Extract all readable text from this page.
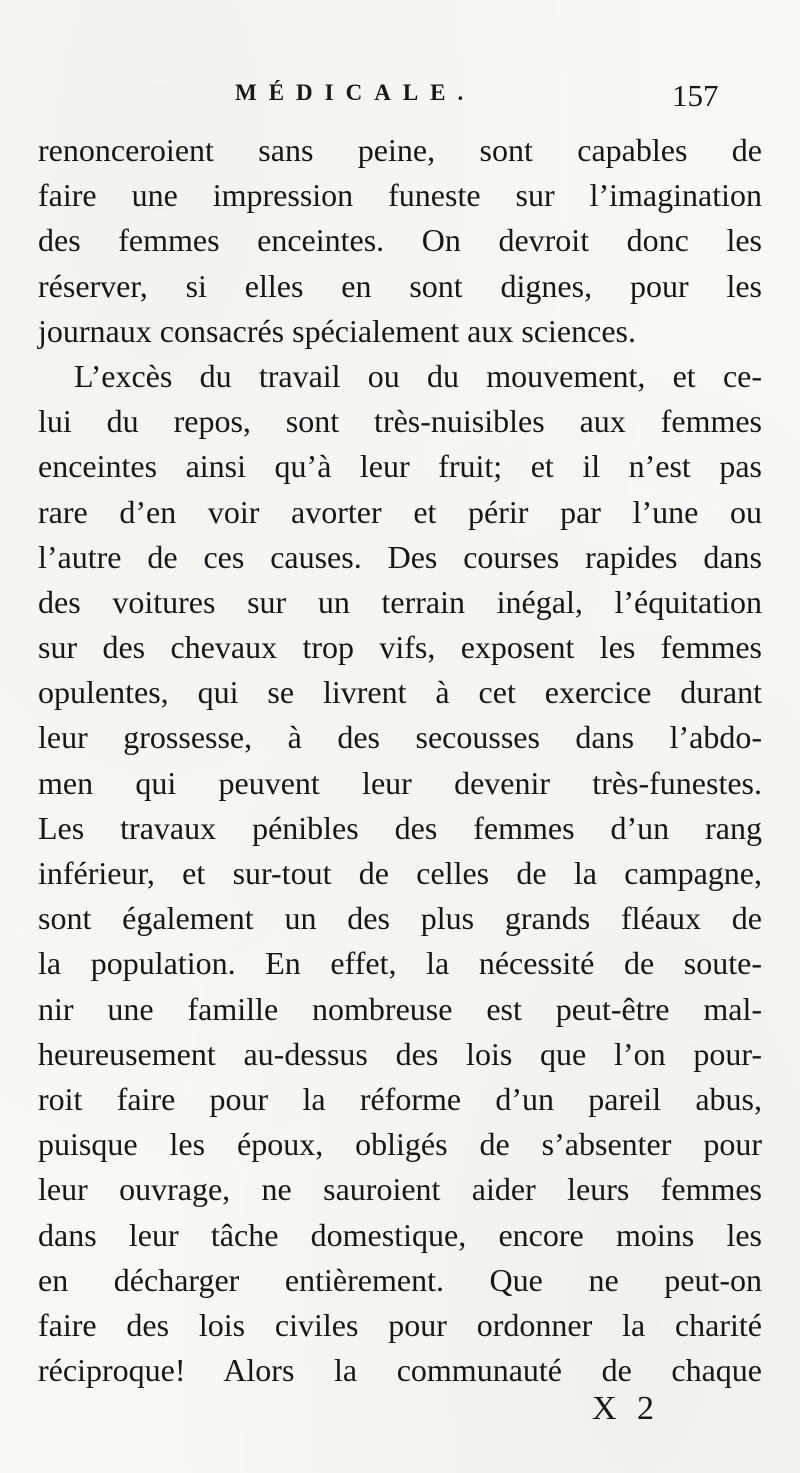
MÉDICALE.	157
renonceroient sans peine, sont capables de
faire une impression funeste sur l’imagination
des femmes enceintes. On devroit donc les
réserver, si elles en sont dignes, pour les
journaux consacrés spécialement aux sciences.
L’excès du travail ou du mouvement, et ce-
lui du repos, sont très-nuisibles aux femmes
enceintes ainsi qu’à leur fruit; et il n’est pas
rare d’en voir avorter et périr par l’une ou
l’autre de ces causes. Des courses rapides dans
des voitures sur un terrain inégal, l’équitation
sur des chevaux trop vifs, exposent les femmes
opulentes, qui se livrent à cet exercice durant
leur grossesse, à des secousses dans l’abdo-
men qui peuvent leur devenir très-funestes.
Les travaux pénibles des femmes d’un rang
inférieur, et sur-tout de celles de la campagne,
sont également un des plus grands fléaux de
la population. En effet, la nécessité de soute-
nir une famille nombreuse est peut-être mal-
heureusement au-dessus des lois que l’on pour-
roit faire pour la réforme d’un pareil abus,
puisque les époux, obligés de s’absenter pour
leur ouvrage, ne sauroient aider leurs femmes
dans leur tâche domestique, encore moins les
en décharger entièrement. Que ne peut-on
faire des lois civiles pour ordonner la charité
réciproque! Alors la communauté de chaque
X 2
